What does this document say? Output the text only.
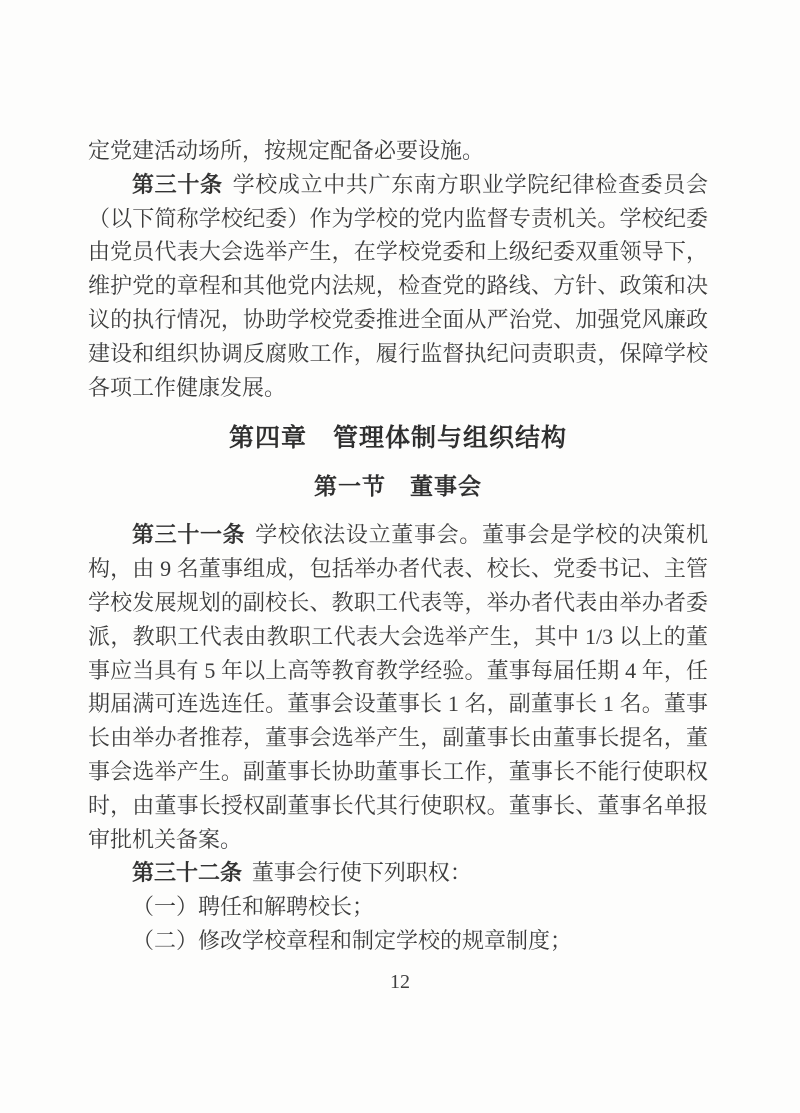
定党建活动场所，按规定配备必要设施。
第三十条 学校成立中共广东南方职业学院纪律检查委员会
（以下简称学校纪委）作为学校的党内监督专责机关。学校纪委
由党员代表大会选举产生，在学校党委和上级纪委双重领导下，
维护党的章程和其他党内法规，检查党的路线、方针、政策和决
议的执行情况，协助学校党委推进全面从严治党、加强党风廉政
建设和组织协调反腐败工作，履行监督执纪问责职责，保障学校
各项工作健康发展。
第四章　管理体制与组织结构
第一节　董事会
第三十一条 学校依法设立董事会。董事会是学校的决策机
构，由 9 名董事组成，包括举办者代表、校长、党委书记、主管
学校发展规划的副校长、教职工代表等，举办者代表由举办者委
派，教职工代表由教职工代表大会选举产生，其中 1/3 以上的董
事应当具有 5 年以上高等教育教学经验。董事每届任期 4 年，任
期届满可连选连任。董事会设董事长 1 名，副董事长 1 名。董事
长由举办者推荐，董事会选举产生，副董事长由董事长提名，董
事会选举产生。副董事长协助董事长工作，董事长不能行使职权
时，由董事长授权副董事长代其行使职权。董事长、董事名单报
审批机关备案。
第三十二条 董事会行使下列职权：
（一）聘任和解聘校长；
（二）修改学校章程和制定学校的规章制度；
12
